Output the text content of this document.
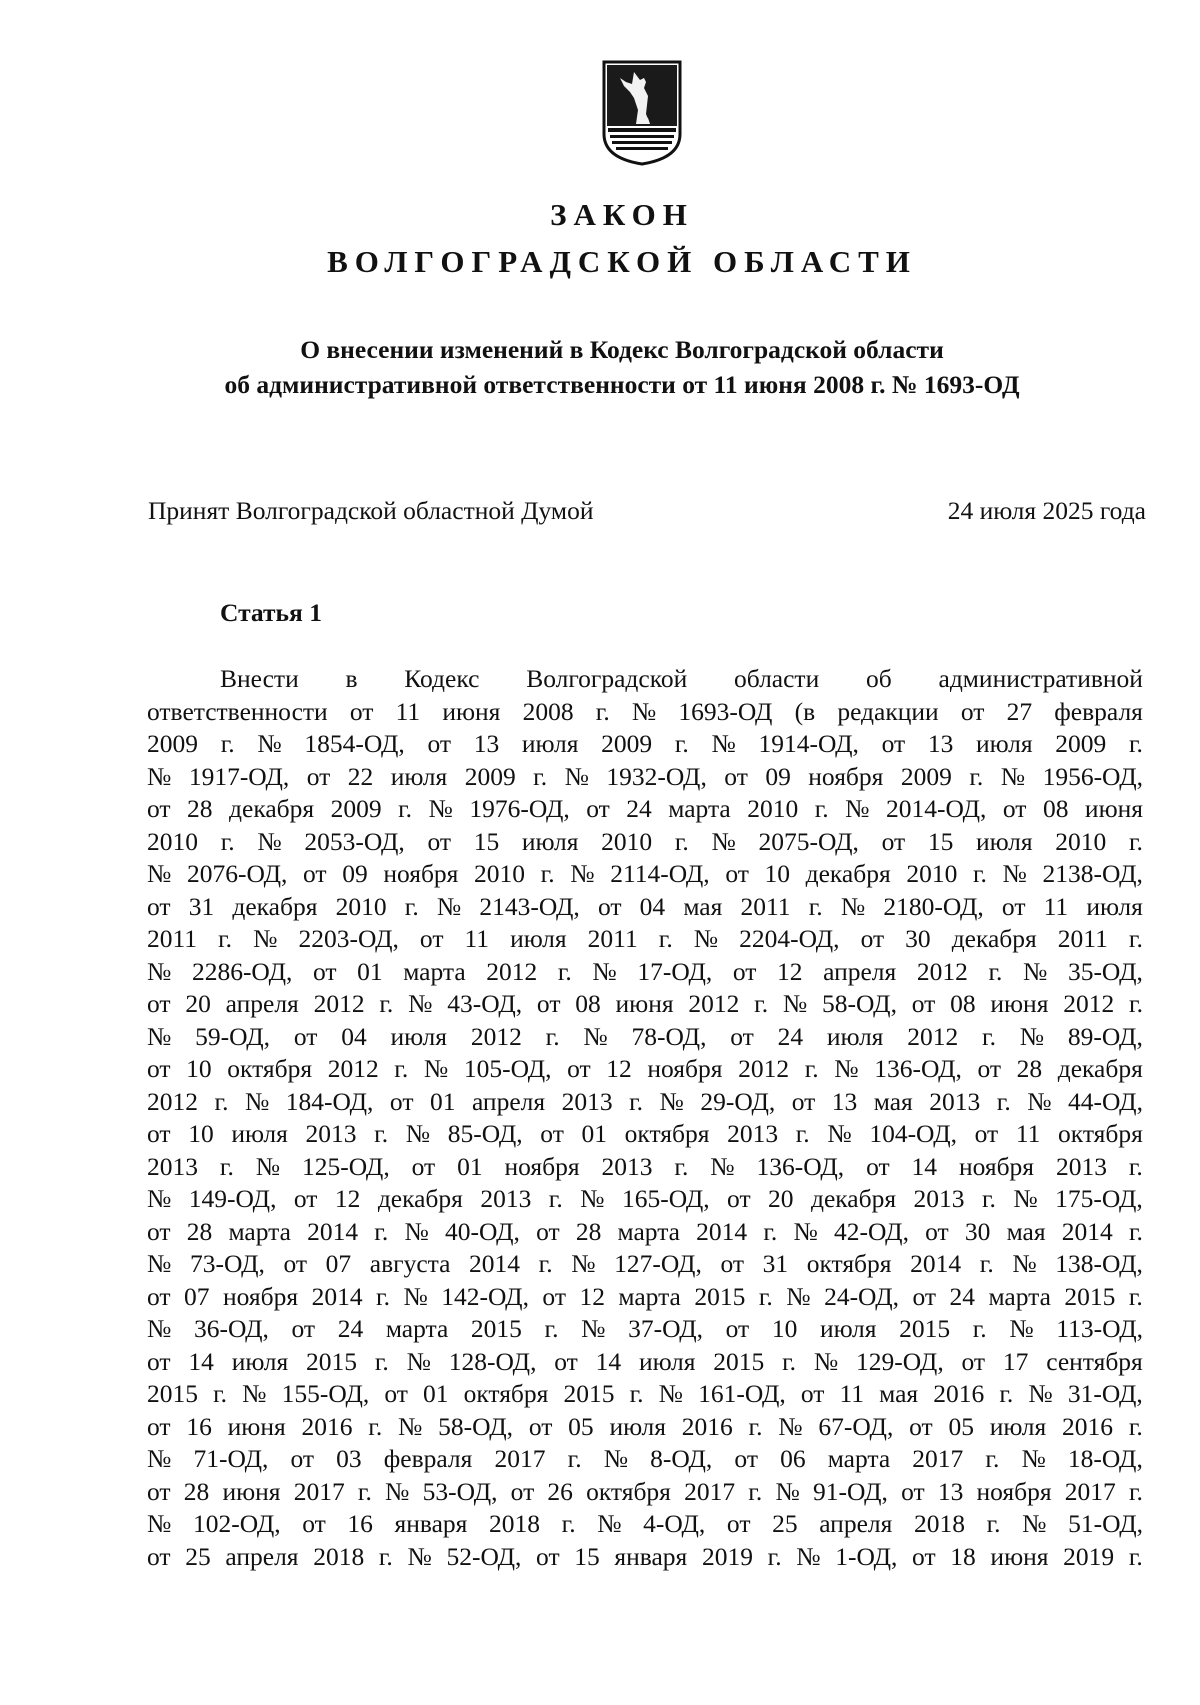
ЗАКОН
ВОЛГОГРАДСКОЙ ОБЛАСТИ
О внесении изменений в Кодекс Волгоградской области
об административной ответственности от 11 июня 2008 г. № 1693-ОД
Принят Волгоградской областной Думой	24 июля 2025 года
Статья 1
Внести в Кодекс Волгоградской области об административной
ответственности от 11 июня 2008 г. № 1693-ОД (в редакции от 27 февраля
2009 г. № 1854-ОД, от 13 июля 2009 г. № 1914-ОД, от 13 июля 2009 г.
№ 1917-ОД, от 22 июля 2009 г. № 1932-ОД, от 09 ноября 2009 г. № 1956-ОД,
от 28 декабря 2009 г. № 1976-ОД, от 24 марта 2010 г. № 2014-ОД, от 08 июня
2010 г. № 2053-ОД, от 15 июля 2010 г. № 2075-ОД, от 15 июля 2010 г.
№ 2076-ОД, от 09 ноября 2010 г. № 2114-ОД, от 10 декабря 2010 г. № 2138-ОД,
от 31 декабря 2010 г. № 2143-ОД, от 04 мая 2011 г. № 2180-ОД, от 11 июля
2011 г. № 2203-ОД, от 11 июля 2011 г. № 2204-ОД, от 30 декабря 2011 г.
№ 2286-ОД, от 01 марта 2012 г. № 17-ОД, от 12 апреля 2012 г. № 35-ОД,
от 20 апреля 2012 г. № 43-ОД, от 08 июня 2012 г. № 58-ОД, от 08 июня 2012 г.
№ 59-ОД, от 04 июля 2012 г. № 78-ОД, от 24 июля 2012 г. № 89-ОД,
от 10 октября 2012 г. № 105-ОД, от 12 ноября 2012 г. № 136-ОД, от 28 декабря
2012 г. № 184-ОД, от 01 апреля 2013 г. № 29-ОД, от 13 мая 2013 г. № 44-ОД,
от 10 июля 2013 г. № 85-ОД, от 01 октября 2013 г. № 104-ОД, от 11 октября
2013 г. № 125-ОД, от 01 ноября 2013 г. № 136-ОД, от 14 ноября 2013 г.
№ 149-ОД, от 12 декабря 2013 г. № 165-ОД, от 20 декабря 2013 г. № 175-ОД,
от 28 марта 2014 г. № 40-ОД, от 28 марта 2014 г. № 42-ОД, от 30 мая 2014 г.
№ 73-ОД, от 07 августа 2014 г. № 127-ОД, от 31 октября 2014 г. № 138-ОД,
от 07 ноября 2014 г. № 142-ОД, от 12 марта 2015 г. № 24-ОД, от 24 марта 2015 г.
№ 36-ОД, от 24 марта 2015 г. № 37-ОД, от 10 июля 2015 г. № 113-ОД,
от 14 июля 2015 г. № 128-ОД, от 14 июля 2015 г. № 129-ОД, от 17 сентября
2015 г. № 155-ОД, от 01 октября 2015 г. № 161-ОД, от 11 мая 2016 г. № 31-ОД,
от 16 июня 2016 г. № 58-ОД, от 05 июля 2016 г. № 67-ОД, от 05 июля 2016 г.
№ 71-ОД, от 03 февраля 2017 г. № 8-ОД, от 06 марта 2017 г. № 18-ОД,
от 28 июня 2017 г. № 53-ОД, от 26 октября 2017 г. № 91-ОД, от 13 ноября 2017 г.
№ 102-ОД, от 16 января 2018 г. № 4-ОД, от 25 апреля 2018 г. № 51-ОД,
от 25 апреля 2018 г. № 52-ОД, от 15 января 2019 г. № 1-ОД, от 18 июня 2019 г.
